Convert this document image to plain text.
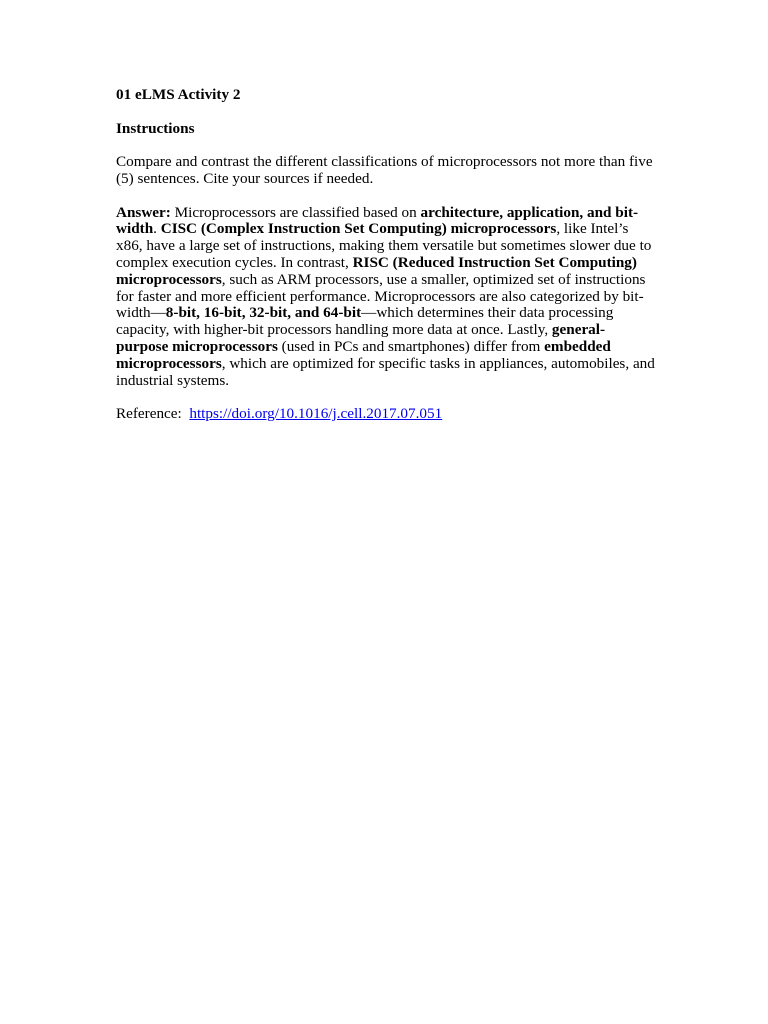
01 eLMS Activity 2

Instructions

Compare and contrast the different classifications of microprocessors not more than five (5) sentences. Cite your sources if needed.

Answer: Microprocessors are classified based on architecture, application, and bit-width. CISC (Complex Instruction Set Computing) microprocessors, like Intel’s x86, have a large set of instructions, making them versatile but sometimes slower due to complex execution cycles. In contrast, RISC (Reduced Instruction Set Computing) microprocessors, such as ARM processors, use a smaller, optimized set of instructions for faster and more efficient performance. Microprocessors are also categorized by bit-width—8-bit, 16-bit, 32-bit, and 64-bit—which determines their data processing capacity, with higher-bit processors handling more data at once. Lastly, general-purpose microprocessors (used in PCs and smartphones) differ from embedded microprocessors, which are optimized for specific tasks in appliances, automobiles, and industrial systems.

Reference: https://doi.org/10.1016/j.cell.2017.07.051
